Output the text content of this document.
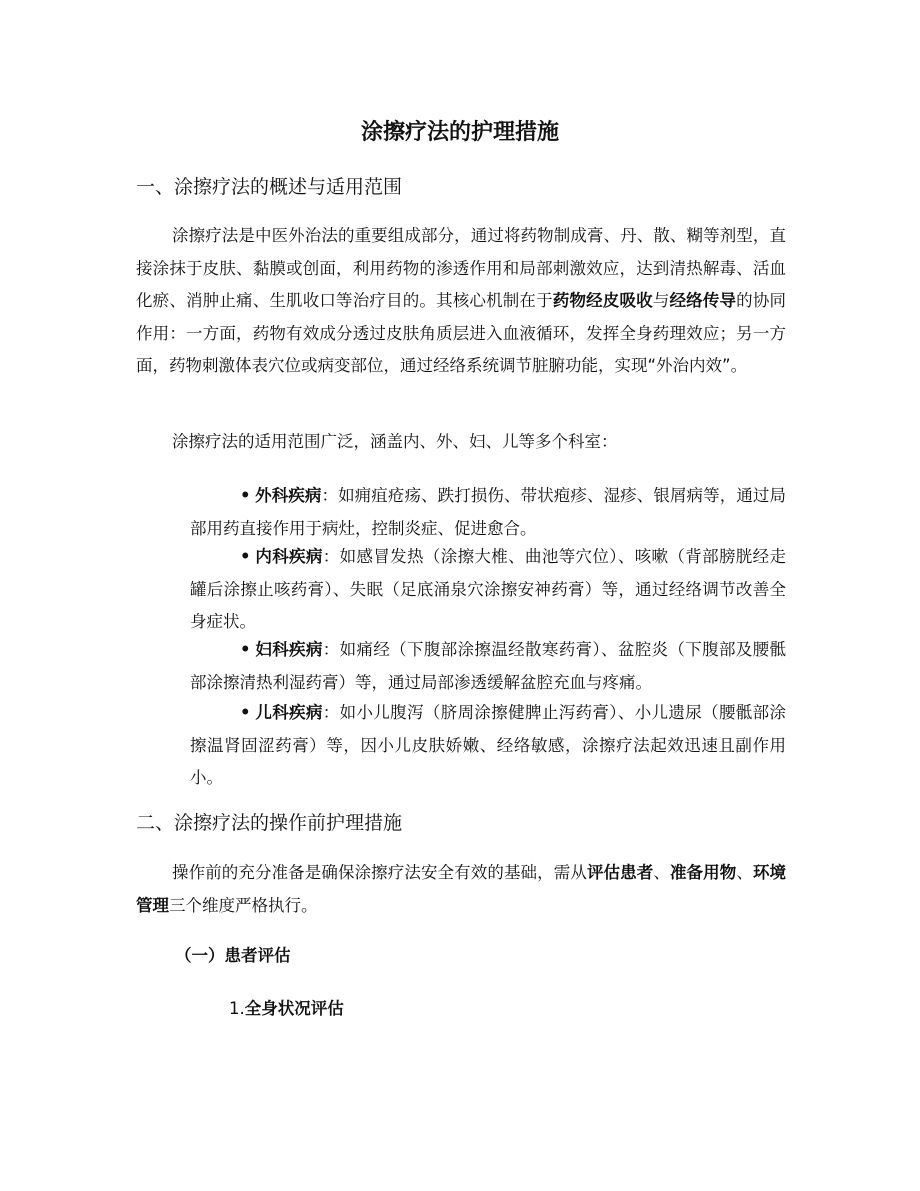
涂擦疗法的护理措施
一、涂擦疗法的概述与适用范围
涂擦疗法是中医外治法的重要组成部分，通过将药物制成膏、丹、散、糊等剂型，直接涂抹于皮肤、黏膜或创面，利用药物的渗透作用和局部刺激效应，达到清热解毒、活血化瘀、消肿止痛、生肌收口等治疗目的。其核心机制在于药物经皮吸收与经络传导的协同作用：一方面，药物有效成分透过皮肤角质层进入血液循环，发挥全身药理效应；另一方面，药物刺激体表穴位或病变部位，通过经络系统调节脏腑功能，实现“外治内效”。
涂擦疗法的适用范围广泛，涵盖内、外、妇、儿等多个科室：
• 外科疾病：如痈疽疮疡、跌打损伤、带状疱疹、湿疹、银屑病等，通过局部用药直接作用于病灶，控制炎症、促进愈合。
• 内科疾病：如感冒发热（涂擦大椎、曲池等穴位）、咳嗽（背部膀胱经走罐后涂擦止咳药膏）、失眠（足底涌泉穴涂擦安神药膏）等，通过经络调节改善全身症状。
• 妇科疾病：如痛经（下腹部涂擦温经散寒药膏）、盆腔炎（下腹部及腰骶部涂擦清热利湿药膏）等，通过局部渗透缓解盆腔充血与疼痛。
• 儿科疾病：如小儿腹泻（脐周涂擦健脾止泻药膏）、小儿遗尿（腰骶部涂擦温肾固涩药膏）等，因小儿皮肤娇嫩、经络敏感，涂擦疗法起效迅速且副作用小。
二、涂擦疗法的操作前护理措施
操作前的充分准备是确保涂擦疗法安全有效的基础，需从评估患者、准备用物、环境管理三个维度严格执行。
（一）患者评估
1.全身状况评估
